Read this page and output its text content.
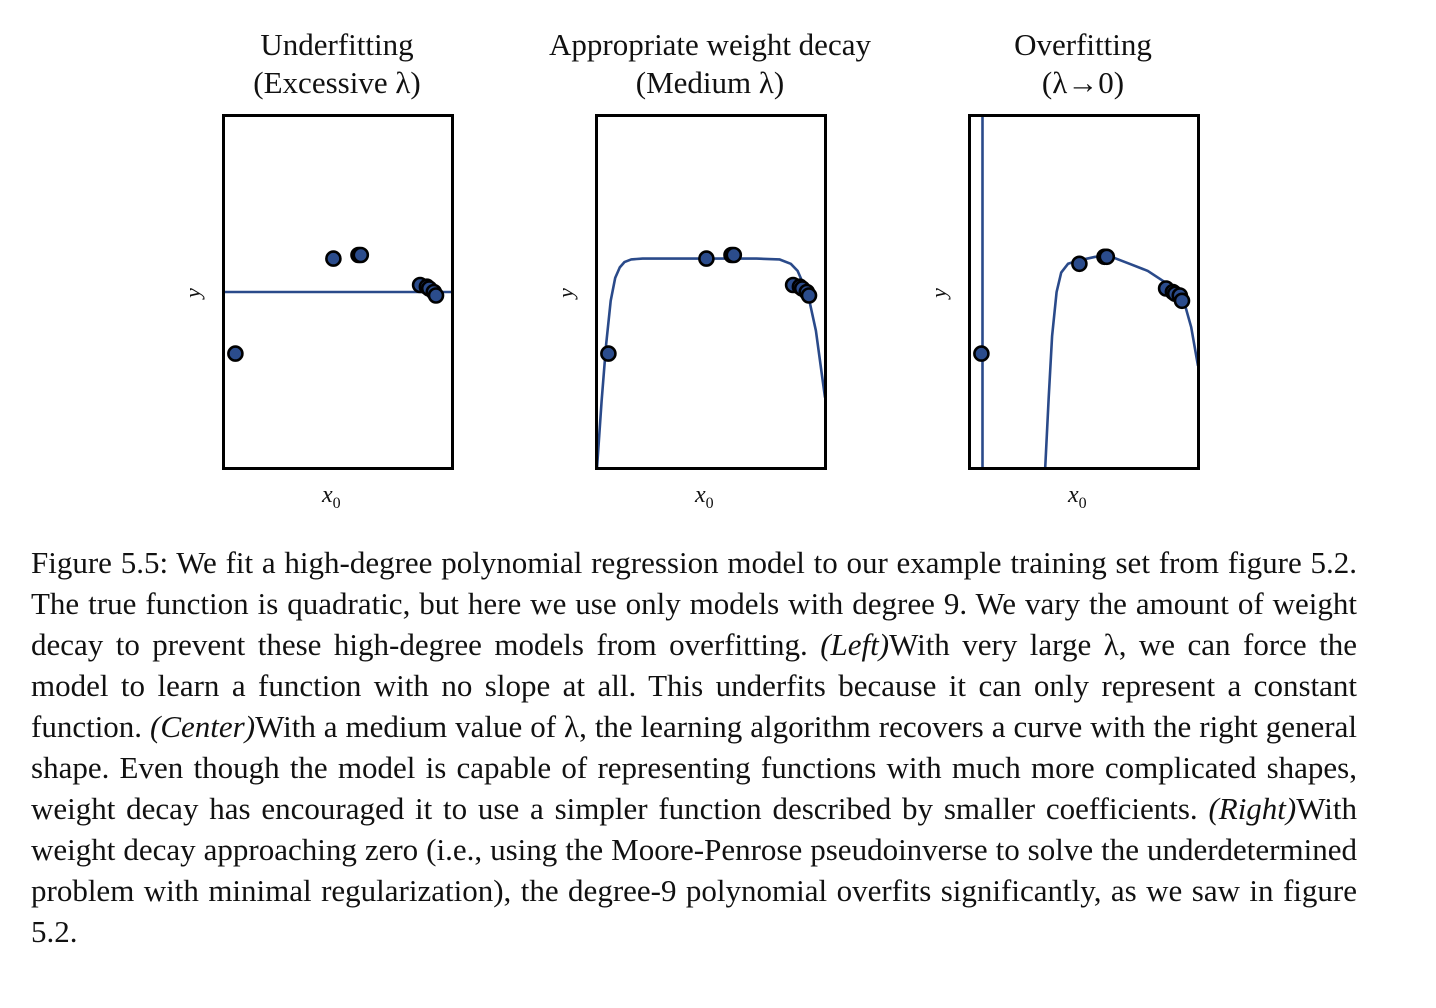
Underfitting
(Excessive λ)
Appropriate weight decay
(Medium λ)
Overfitting
(λ→0)
y	y	y
$x_0$	$x_0$	$x_0$
Figure 5.5: We fit a high-degree polynomial regression model to our example training set from figure 5.2. The true function is quadratic, but here we use only models with degree 9. We vary the amount of weight decay to prevent these high-degree models from overfitting. (Left)With very large λ, we can force the model to learn a function with no slope at all. This underfits because it can only represent a constant function. (Center)With a medium value of λ, the learning algorithm recovers a curve with the right general shape. Even though the model is capable of representing functions with much more complicated shapes, weight decay has encouraged it to use a simpler function described by smaller coefficients. (Right)With weight decay approaching zero (i.e., using the Moore-Penrose pseudoinverse to solve the underdetermined problem with minimal regularization), the degree-9 polynomial overfits significantly, as we saw in figure 5.2.
